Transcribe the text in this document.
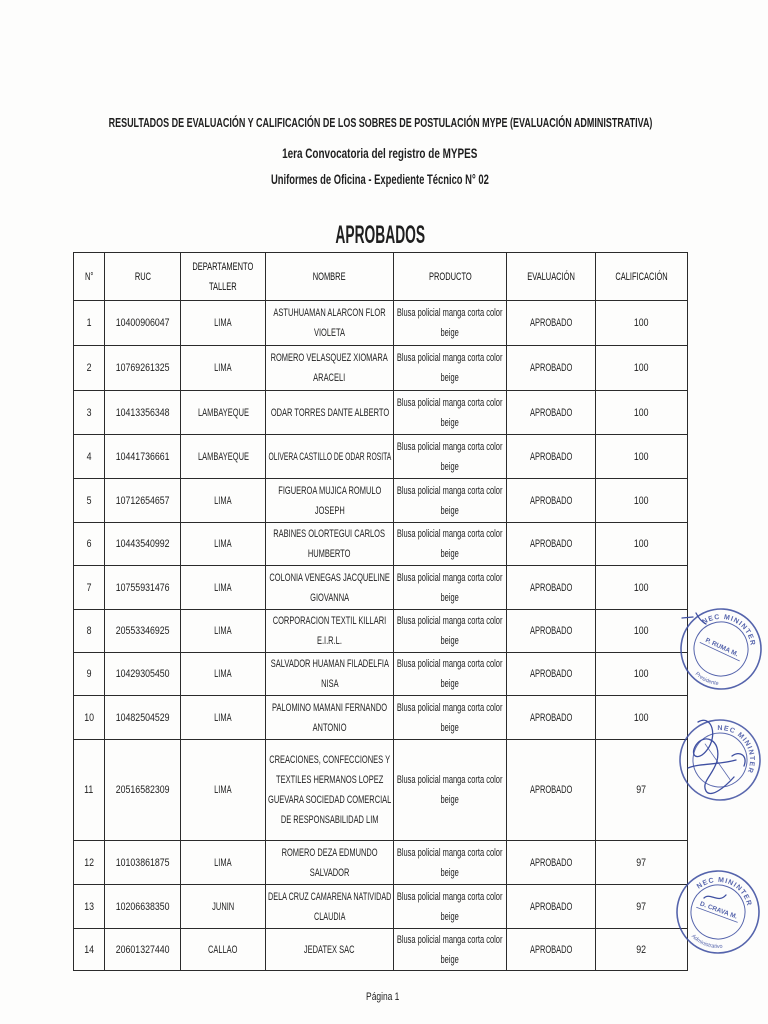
RESULTADOS DE EVALUACIÓN Y CALIFICACIÓN DE LOS SOBRES DE POSTULACIÓN MYPE (EVALUACIÓN ADMINISTRATIVA)
1era Convocatoria del registro de MYPES
Uniformes de Oficina - Expediente Técnico N° 02
APROBADOS
N°	RUC	DEPARTAMENTO
TALLER	NOMBRE	PRODUCTO	EVALUACIÓN	CALIFICACIÓN

1	10400906047	LIMA	ASTUHUAMAN ALARCON FLOR
VIOLETA	Blusa policial manga corta color
beige	APROBADO	100

2	10769261325	LIMA	ROMERO VELASQUEZ XIOMARA
ARACELI	Blusa policial manga corta color
beige	APROBADO	100

3	10413356348	LAMBAYEQUE	ODAR TORRES DANTE ALBERTO	Blusa policial manga corta color
beige	APROBADO	100

4	10441736661	LAMBAYEQUE	OLIVERA CASTILLO DE ODAR ROSITA	Blusa policial manga corta color
beige	APROBADO	100

5	10712654657	LIMA	FIGUEROA MUJICA ROMULO
JOSEPH	Blusa policial manga corta color
beige	APROBADO	100

6	10443540992	LIMA	RABINES OLORTEGUI CARLOS
HUMBERTO	Blusa policial manga corta color
beige	APROBADO	100

7	10755931476	LIMA	COLONIA VENEGAS JACQUELINE
GIOVANNA	Blusa policial manga corta color
beige	APROBADO	100

8	20553346925	LIMA	CORPORACION TEXTIL KILLARI
E.I.R.L.	Blusa policial manga corta color
beige	APROBADO	100

9	10429305450	LIMA	SALVADOR HUAMAN FILADELFIA
NISA	Blusa policial manga corta color
beige	APROBADO	100

10	10482504529	LIMA	PALOMINO MAMANI FERNANDO
ANTONIO	Blusa policial manga corta color
beige	APROBADO	100

11	20516582309	LIMA	CREACIONES, CONFECCIONES Y
TEXTILES HERMANOS LOPEZ
GUEVARA SOCIEDAD COMERCIAL
DE RESPONSABILIDAD LIM	Blusa policial manga corta color
beige	APROBADO	97

12	10103861875	LIMA	ROMERO DEZA EDMUNDO
SALVADOR	Blusa policial manga corta color
beige	APROBADO	97

13	10206638350	JUNIN	DELA CRUZ CAMARENA NATIVIDAD
CLAUDIA	Blusa policial manga corta color
beige	APROBADO	97

14	20601327440	CALLAO	JEDATEX SAC	Blusa policial manga corta color
beige	APROBADO	92
NEC MININTER
P. RUMA M.
Presidente
NEC MININTER
NEC MININTER
D. CRAVA M.
Administrativo
Página 1
